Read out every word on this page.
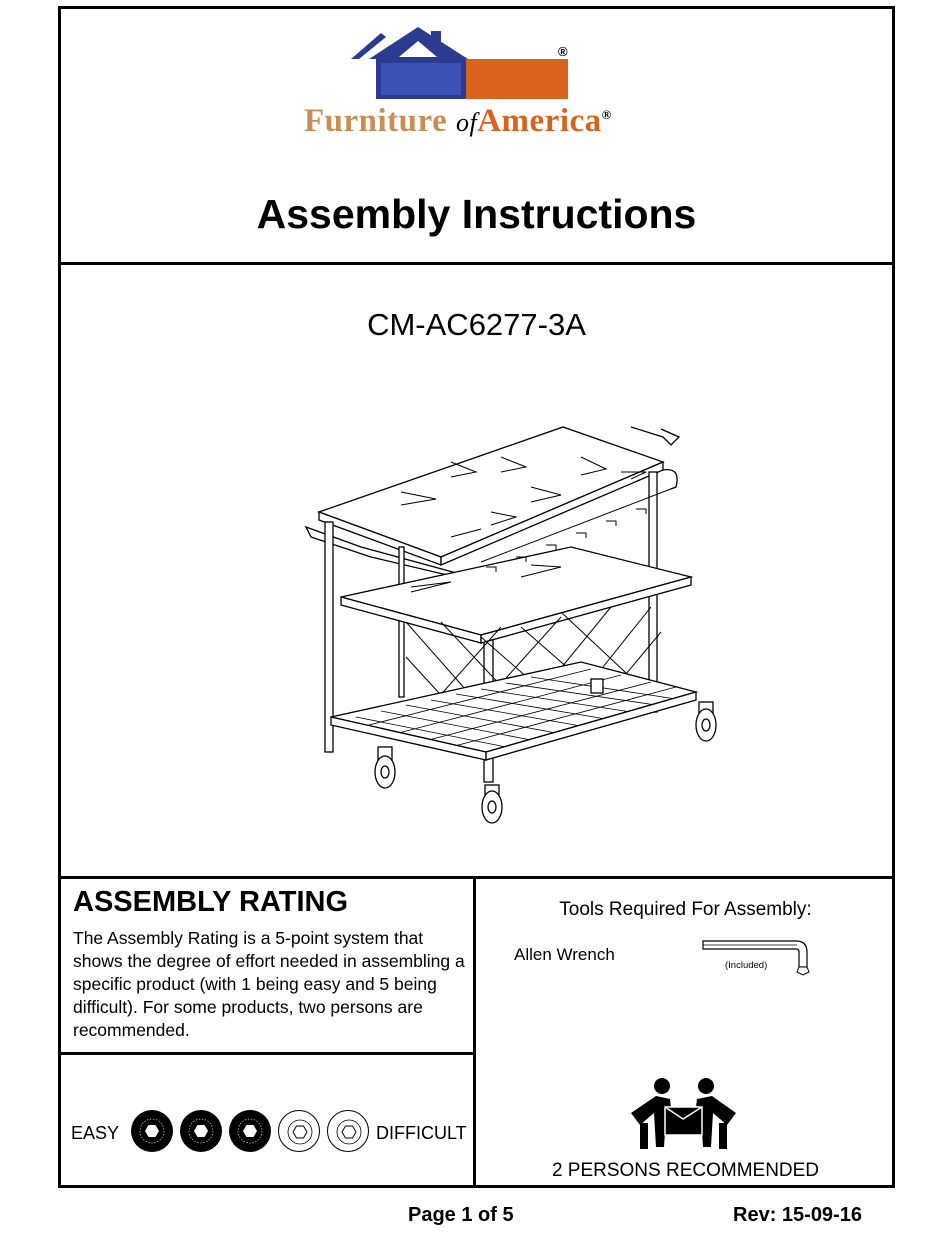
®
Furniture ofAmerica®
Assembly Instructions
CM-AC6277-3A
ASSEMBLY RATING
The Assembly Rating is a 5-point system that shows the degree of effort needed in assembling a specific product (with 1 being easy and 5 being difficult). For some products, two persons are recommended.
EASY	DIFFICULT
Tools Required For Assembly:
Allen Wrench
(Included)
2 PERSONS RECOMMENDED
Page 1 of 5	Rev: 15-09-16
